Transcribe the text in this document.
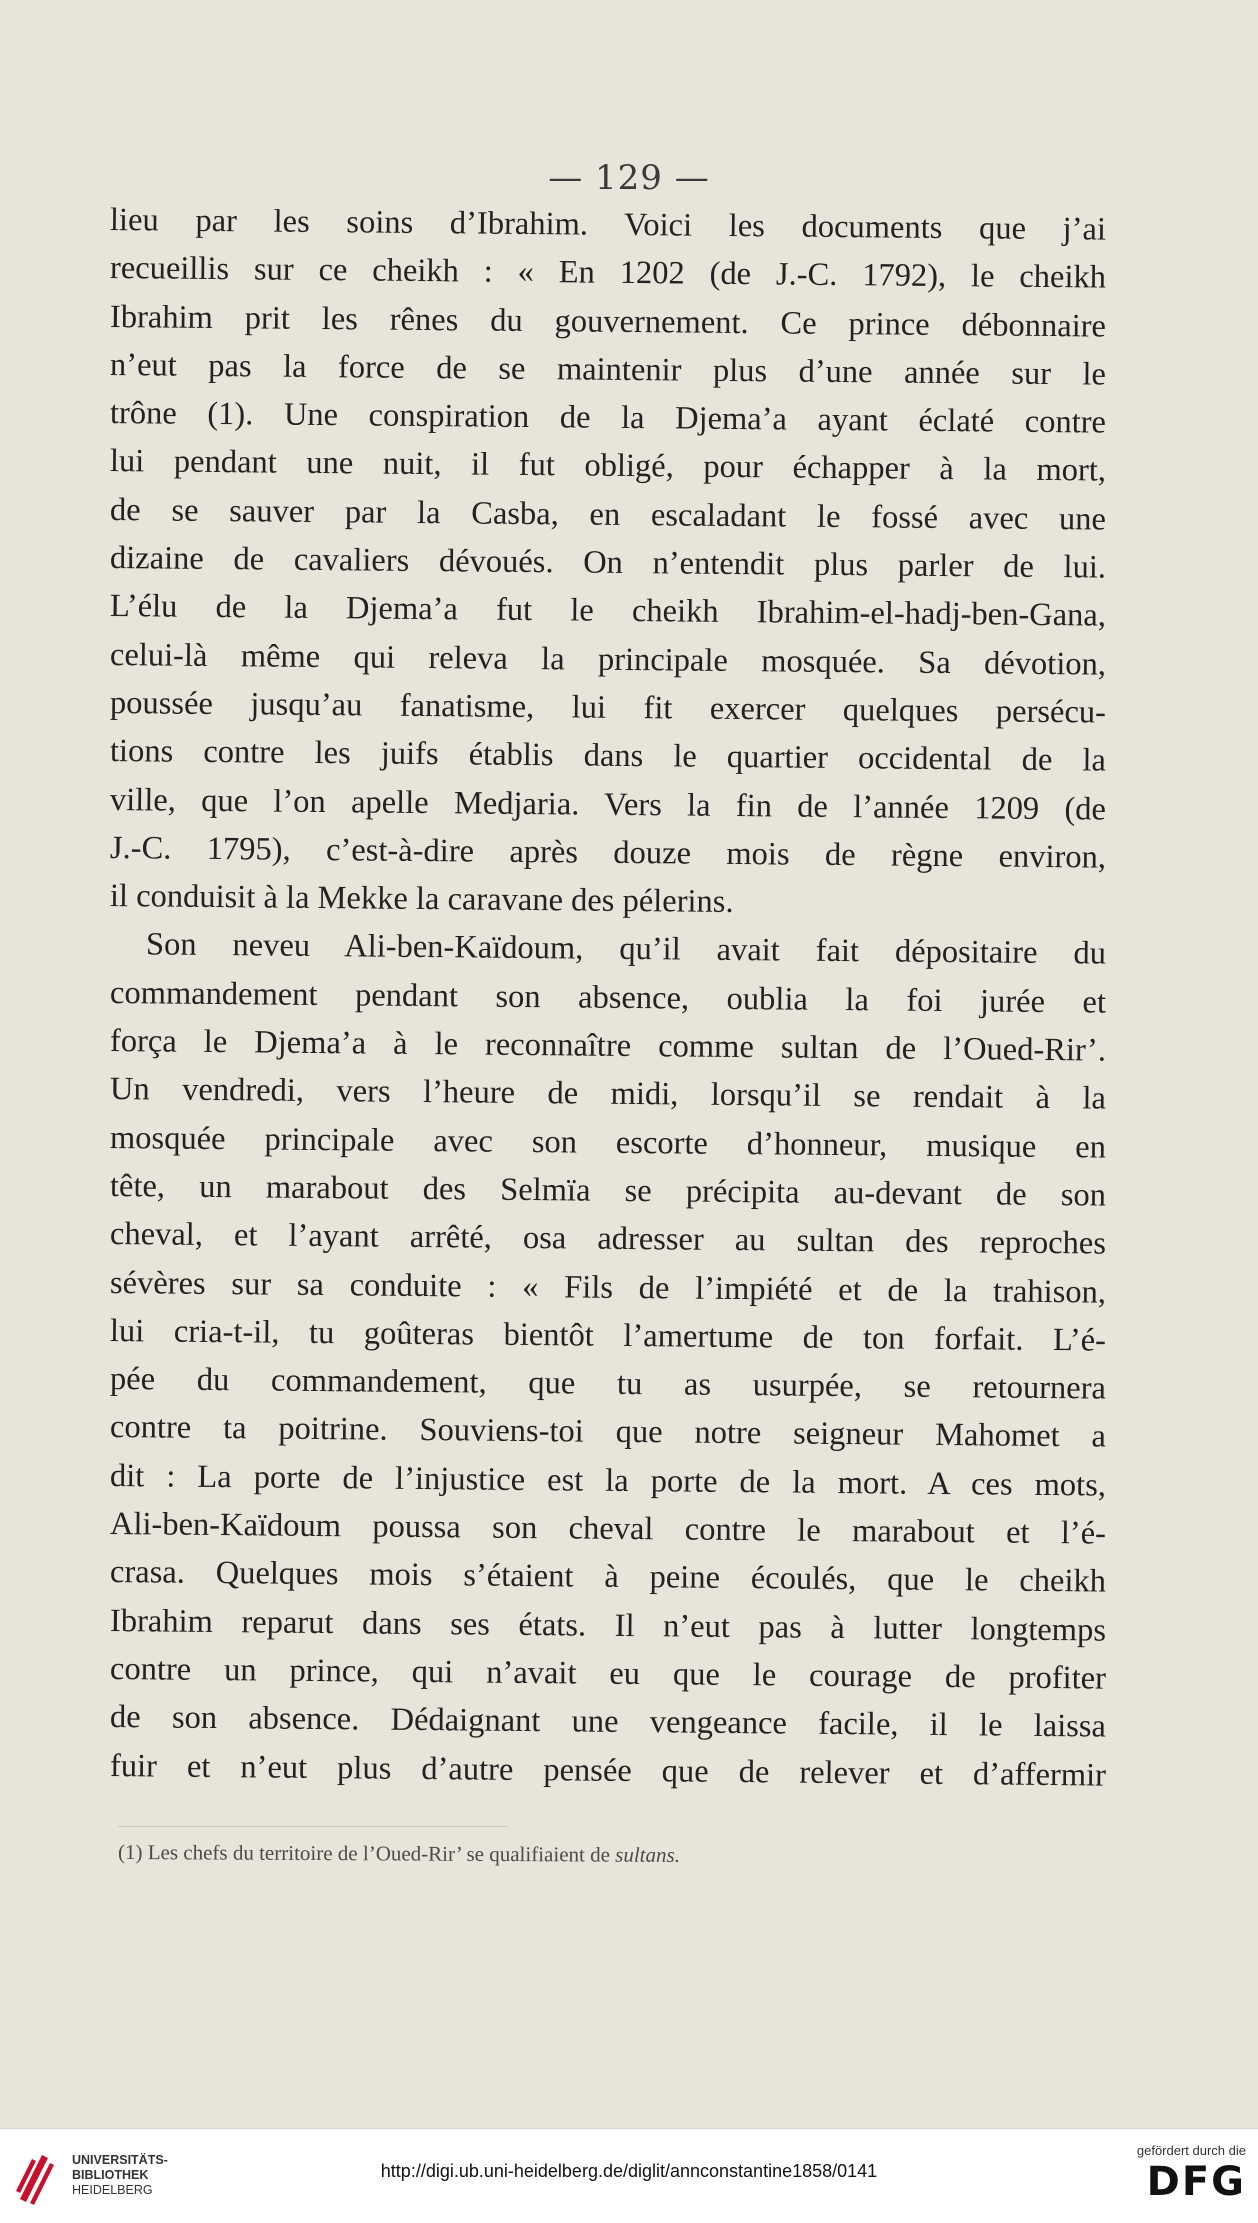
— 129 —
lieu par les soins d’Ibrahim. Voici les documents que j’ai
recueillis sur ce cheikh : « En 1202 (de J.-C. 1792), le cheikh
Ibrahim prit les rênes du gouvernement. Ce prince débonnaire
n’eut pas la force de se maintenir plus d’une année sur le
trône (1). Une conspiration de la Djema’a ayant éclaté contre
lui pendant une nuit, il fut obligé, pour échapper à la mort,
de se sauver par la Casba, en escaladant le fossé avec une
dizaine de cavaliers dévoués. On n’entendit plus parler de lui.
L’élu de la Djema’a fut le cheikh Ibrahim-el-hadj-ben-Gana,
celui-là même qui releva la principale mosquée. Sa dévotion,
poussée jusqu’au fanatisme, lui fit exercer quelques persécu-
tions contre les juifs établis dans le quartier occidental de la
ville, que l’on apelle Medjaria. Vers la fin de l’année 1209 (de
J.-C. 1795), c’est-à-dire après douze mois de règne environ,
il conduisit à la Mekke la caravane des pélerins.
Son neveu Ali-ben-Kaïdoum, qu’il avait fait dépositaire du
commandement pendant son absence, oublia la foi jurée et
força le Djema’a à le reconnaître comme sultan de l’Oued-Rir’.
Un vendredi, vers l’heure de midi, lorsqu’il se rendait à la
mosquée principale avec son escorte d’honneur, musique en
tête, un marabout des Selmïa se précipita au-devant de son
cheval, et l’ayant arrêté, osa adresser au sultan des reproches
sévères sur sa conduite : « Fils de l’impiété et de la trahison,
lui cria-t-il, tu goûteras bientôt l’amertume de ton forfait. L’é-
pée du commandement, que tu as usurpée, se retournera
contre ta poitrine. Souviens-toi que notre seigneur Mahomet a
dit : La porte de l’injustice est la porte de la mort. A ces mots,
Ali-ben-Kaïdoum poussa son cheval contre le marabout et l’é-
crasa. Quelques mois s’étaient à peine écoulés, que le cheikh
Ibrahim reparut dans ses états. Il n’eut pas à lutter longtemps
contre un prince, qui n’avait eu que le courage de profiter
de son absence. Dédaignant une vengeance facile, il le laissa
fuir et n’eut plus d’autre pensée que de relever et d’affermir
(1) Les chefs du territoire de l’Oued-Rir’ se qualifiaient de sultans.
UNIVERSITÄTS-
BIBLIOTHEK
HEIDELBERG
http://digi.ub.uni-heidelberg.de/diglit/annconstantine1858/0141
gefördert durch die
DFG
